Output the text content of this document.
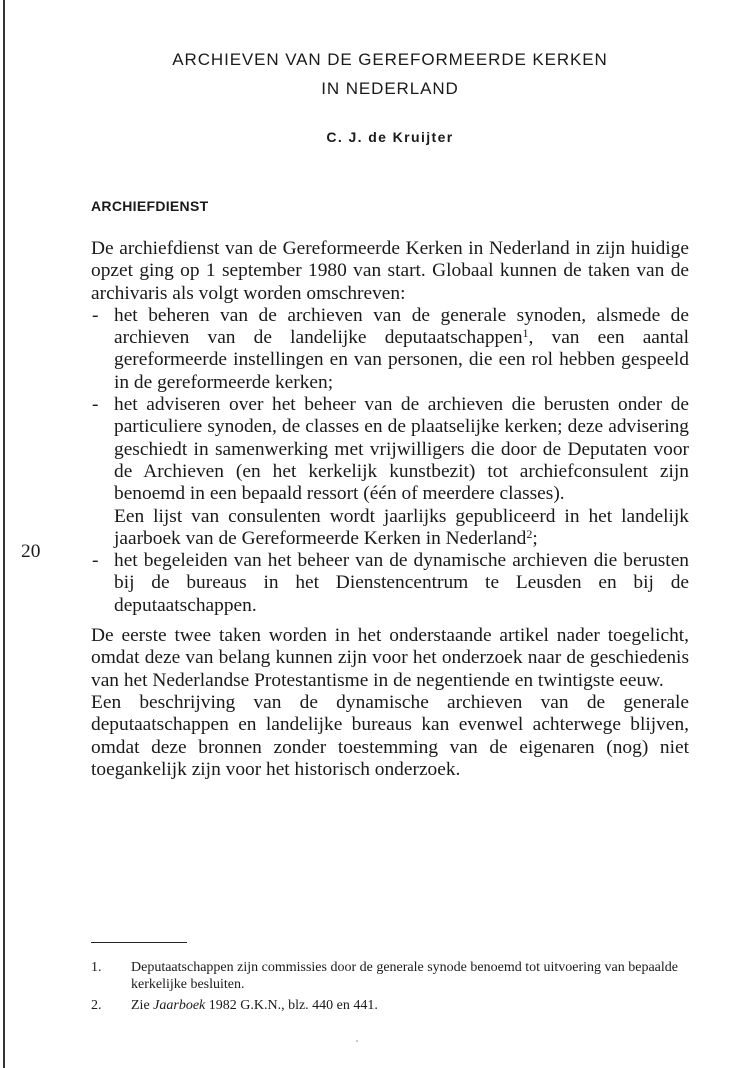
ARCHIEVEN VAN DE GEREFORMEERDE KERKEN
IN NEDERLAND

C. J. de Kruijter

ARCHIEFDIENST

20

De archiefdienst van de Gereformeerde Kerken in Nederland in zijn huidige opzet ging op 1 september 1980 van start. Globaal kunnen de taken van de archivaris als volgt worden omschreven:

- het beheren van de archieven van de generale synoden, alsmede de archieven van de landelijke deputaatschappen$^1$, van een aantal gereformeerde instellingen en van personen, die een rol hebben gespeeld in de gereformeerde kerken;
- het adviseren over het beheer van de archieven die berusten onder de particuliere synoden, de classes en de plaatselijke kerken; deze advisering geschiedt in samenwerking met vrijwilligers die door de Deputaten voor de Archieven (en het kerkelijk kunstbezit) tot archiefconsulent zijn benoemd in een bepaald ressort (één of meerdere classes).
Een lijst van consulenten wordt jaarlijks gepubliceerd in het landelijk jaarboek van de Gereformeerde Kerken in Nederland$^2$;
- het begeleiden van het beheer van de dynamische archieven die berusten bij de bureaus in het Dienstencentrum te Leusden en bij de deputaatschappen.

De eerste twee taken worden in het onderstaande artikel nader toegelicht, omdat deze van belang kunnen zijn voor het onderzoek naar de geschiedenis van het Nederlandse Protestantisme in de negentiende en twintigste eeuw.

Een beschrijving van de dynamische archieven van de generale deputaatschappen en landelijke bureaus kan evenwel achterwege blijven, omdat deze bronnen zonder toestemming van de eigenaren (nog) niet toegankelijk zijn voor het historisch onderzoek.

1. Deputaatschappen zijn commissies door de generale synode benoemd tot uitvoering van bepaalde kerkelijke besluiten.

2. Zie Jaarboek 1982 G.K.N., blz. 440 en 441.
